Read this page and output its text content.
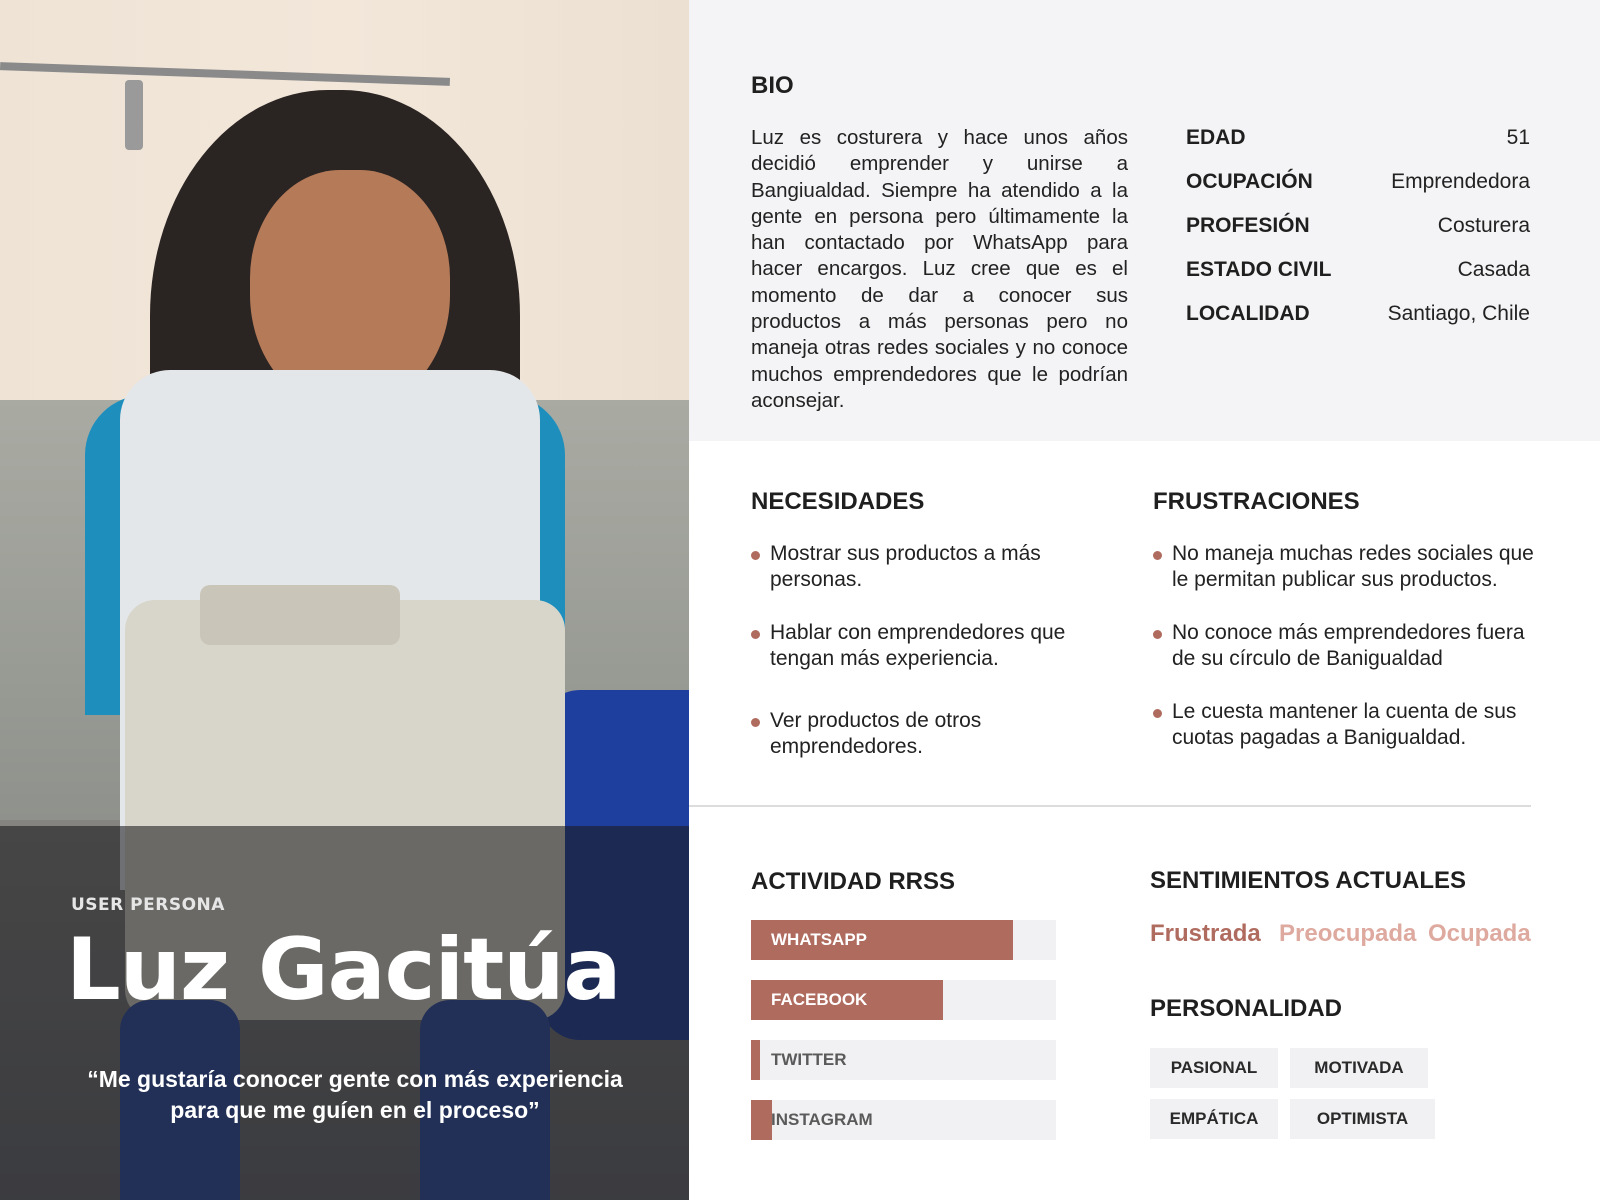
USER PERSONA
Luz Gacitúa
“Me gustaría conocer gente con más experiencia para que me guíen en el proceso”
BIO

Luz es costurera y hace unos años decidió emprender y unirse a Bangiualdad. Siempre ha atendido a la gente en persona pero últimamente la han contactado por WhatsApp para hacer encargos. Luz cree que es el momento de dar a conocer sus productos a más personas pero no maneja otras redes sociales y no conoce muchos emprendedores que le podrían aconsejar.

EDAD	51
OCUPACIÓN	Emprendedora
PROFESIÓN	Costurera
ESTADO CIVIL	Casada
LOCALIDAD	Santiago, Chile
NECESIDADES
Mostrar sus productos a más personas.
Hablar con emprendedores que tengan más experiencia.
Ver productos de otros emprendedores.
FRUSTRACIONES
No maneja muchas redes sociales que le permitan publicar sus productos.
No conoce más emprendedores fuera de su círculo de Banigualdad
Le cuesta mantener la cuenta de sus cuotas pagadas a Banigualdad.
ACTIVIDAD RRSS
WHATSAPP
FACEBOOK
TWITTER
INSTAGRAM
SENTIMIENTOS ACTUALES
Frustrada Preocupada Ocupada
PERSONALIDAD
PASIONAL	MOTIVADA
EMPÁTICA	OPTIMISTA
